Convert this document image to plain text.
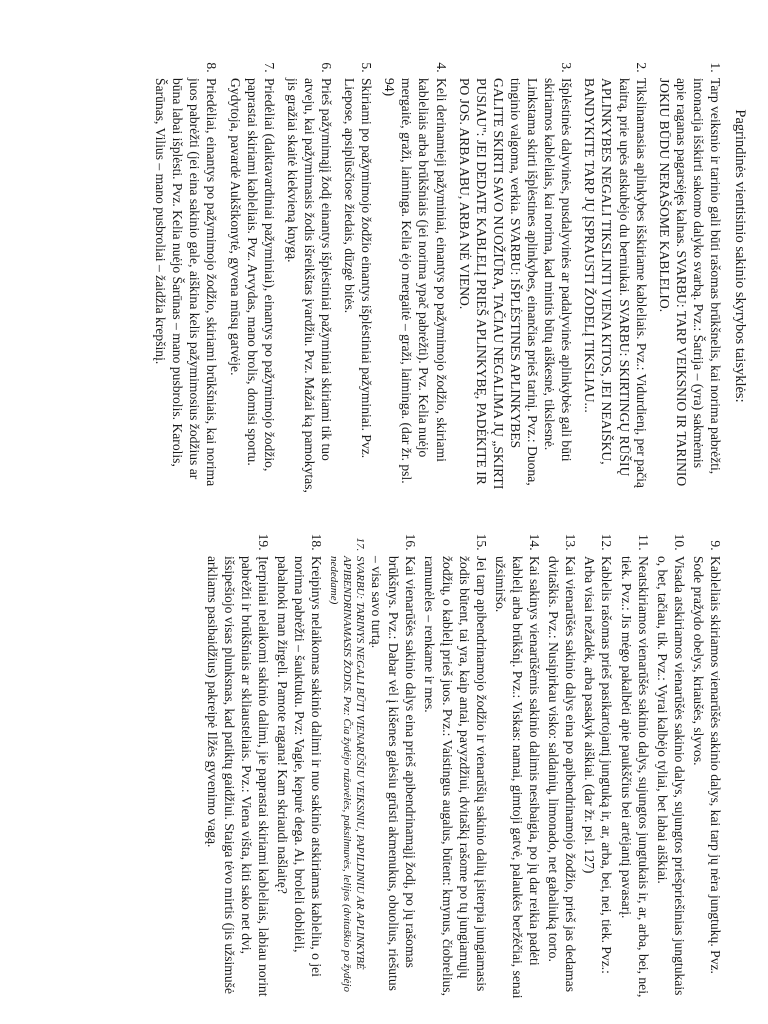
Pagrindinės vientisinio sakinio skyrybos taisyklės:
1. Tarp veiksnio ir tarinio gali būti rašomas brūkšnelis, kai norima pabrėžti, intonacija išskirti sakomo dalyko svarbą. Pvz.: Šatrija – (yra) sakmėmis apie raganas pagarsėjęs kalnas. SVARBU: TARP VEIKSNIO IR TARINIO JOKIU BŪDU NERAŠOME KABLELIO.
2. Tikslinamasias aplinkybes išskiriame kableliais. Pvz.: Vidurdienį, per pačią kaitrą, prie upės atskubėjo du berniukai. SVARBU: SKIRTINGŲ RŪŠIŲ APLINKYBES NEGALI TIKSLINTI VIENA KITOS, JEI NEAIŠKU, BANDYKITE TARP JŲ ĮSPRAUSTI ŽODELĮ TIKSLIAU...
3. Išplėstinės dalyvinės, pusdalyvinės ar padalyvinės aplinkybės gali būti skiriamos kableliais, kai norima, kad mintis būtų aiškesnė, tikslesnė. Linkstama skirti išplėstines aplinkybes, einančias prieš tarinį. Pvz.: Duona, tinginio valgoma, verkia. SVARBU: IŠPLĖSTINES APLINKYBES GALITE SKIRTI SAVO NUOŽIŪRA, TAČIAU NEGALIMA JŲ „SKIRTI PUSIAU": JEI DEDATE KABLELĮ PRIEŠ APLINKYBĘ, PADĖKITE IR PO JOS. ARBA ABU, ARBA NĖ VIENO.
4. Keli derinamieji pažyminiai, einantys po pažymimojo žodžio, skiriami kableliais arba brūkšniais (jei norima ypač pabrėžti). Pvz. Kelia nuėjo mergaitė, graži, laiminga. Kelia ėjo mergaitė – graži, laiminga. (dar žr. psl. 94)
5. Skiriami po pažymimojo žodžio einantys išplėstiniai pažyminiai. Pvz. Liepose, apsiplūsčiose žiedais, dūzgė bitės.
6. Prieš pažymimąjį žodį einantys išplėstiniai pažyminiai skiriami tik tuo atveju, kai pažymimasis žodis išreikštas įvardžiu. Pvz. Mažai ką pamokytas, jis gražiai skaitė kiekvieną knygą.
7. Priedėliai (daiktavardiniai pažyminiai), einantys po pažymimojo žodžio, paprastai skiriami kableliais. Pvz. Arvydas, mano brolis, domisi sportu. Gydytoja, pavardė Aukštkonytė, gyvena mūsų gatvėje.
8. Priedėliai, einantys po pažymimojo žodžio, skiriami brūkšniais, kai norima juos pabrėžti (jei eina sakinio gale, aiškina kelis pažymimosius žodžius ar būna labai išplėsti. Pvz. Kelia nuėjo Šarūnas – mano pusbrolis. Karolis, Šarūnas, Vilius – mano pusbroliai – žaidžia krepšinį.
9. Kableliais skiriamos vienarūšės sakinio dalys, kai tarp jų nėra jungtukų. Pvz. Sode pražydo obelys, kriaušės, slyvos.
10. Visada atskiriamos vienarūšės sakinio dalys, sujungtos priešpriešinias jungtukais o, bet, tačiau, tik. Pvz.: Vyrai kalbėjo tyliai, bet labai aiškiai.
11. Neatskiriamos vienarūšės sakinio dalys, sujungtos jungtukais ir, ar, arba, bei, nei, tiek. Pvz.: Jis mėgo pakalbėti apie paukščius bei artėjantį pavasarį.
12. Kablelis rašomas prieš pasikartojantį jungtuką ir, ar, arba, bei, nei, tiek. Pvz.: Arba visai nežadėk, arba pasakyk aiškiai. (dar žr. psl. 127)
13. Kai vienarūšės sakinio dalys eina po apibendrinamojo žodžio, prieš jas dedamas dvitaškis. Pvz.: Nusipirkau visko: saldainių, limonado, net gabaliuką torto.
14. Kai sakinys vienarūšėmis sakinio dalimis nesibaigia, po jų dar reikia padėti kablelį arba brūkšnį. Pvz.: Viskas: namai, gimtoji gatvė, palaukės beržėčiai, senai užsimiršo.
15. Jei tarp apibendrinamojo žodžio ir vienarūšių sakinio dalių įsiterpia jungiamasis žodis būtent, tai yra, kaip antai, pavyzdžiui, dvitaškį rašome po tų jungiamųjų žodžių, o kablelį prieš juos. Pvz.: Vaistingus augalus, būtent: kmynus, čiobrelius, ramunėles – renkame ir mes.
16. Kai vienarūšės sakinio dalys eina prieš apibendrinamąjį žodį, po jų rašomas brūkšnys. Pvz.: Dabar vėl į kišenes galėsiu grūsti akmenukus, obuolius, riešutus – visa savo turtą.
17. SVARBU: TARINYS NEGALI BŪTI VIENARŪŠIU VEIKSNIU, PAPILDINIU AR APLINKYBĖ APIBENDRINAMASIS ŽODIS. Pvz: Čia žydėjo ružavėlės, paksilmuvės, lelijos (dvitaškio po žydėjo nededame)
18. Kreipinys nelaikomas sakinio dalimi ir nuo sakinio atskiriamas kableliu, o jei norima pabrėžti – šauktuku. Pvz: Vagie, kepurė dega. Ai, broleli dobilėli, pabalnoki man žirgeli. Pamote ragana! Kam skriaudi našlaitę?
19. Įterpiniai nelaikomi sakinio dalimi, jie paprastai skiriami kableliais, labiau norint pabrėžti ir brūkšniais ar skliausteliais. Pvz.: Viena višta, kiti sako net dvi, išsipešiojo visas plunksnas, kad patiktų gaidžiui. Staiga tėvo mirtis (jis užsimušė arkliams pasibaidžius) pakreipė Ilžės gyvenimo vagą.
